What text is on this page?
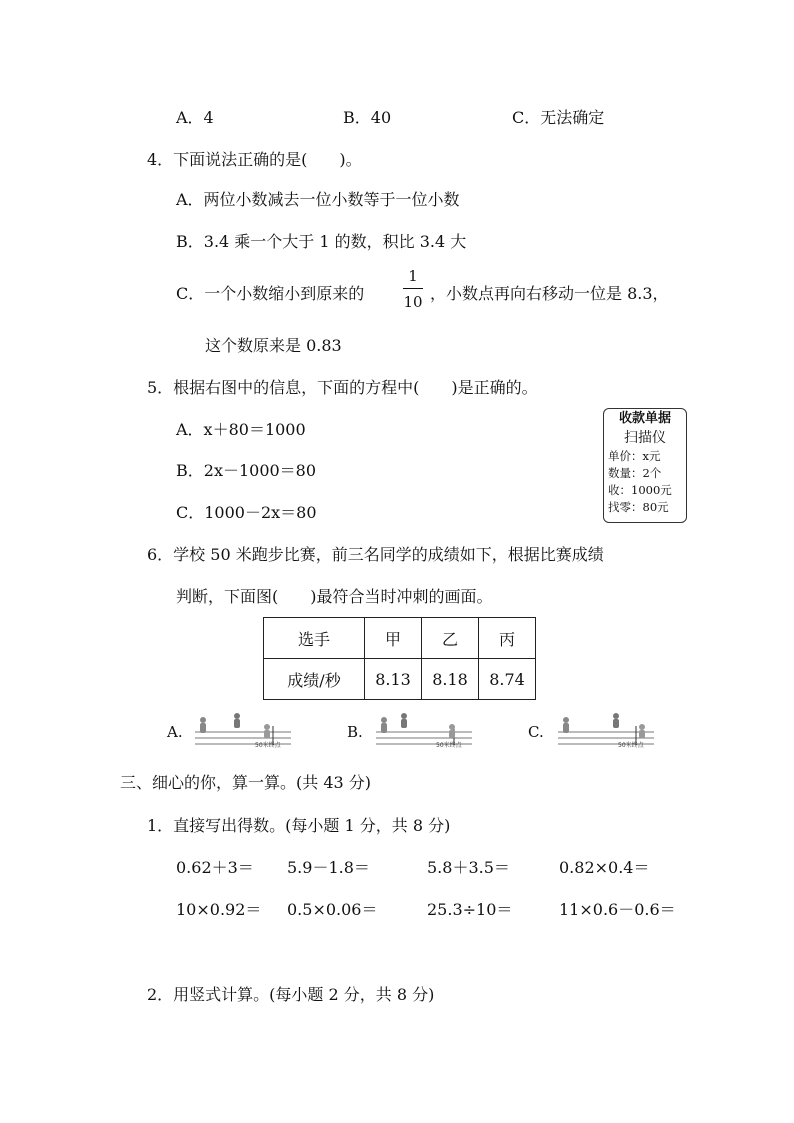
A．4	B．40	C．无法确定
4．下面说法正确的是(　　)。
A．两位小数减去一位小数等于一位小数
B．3.4 乘一个大于 1 的数，积比 3.4 大
C．一个小数缩小到原来的
1
10 ，小数点再向右移动一位是 8.3，
这个数原来是 0.83
5．根据右图中的信息，下面的方程中(　　)是正确的。
A．x＋80＝1000
B．2x－1000＝80
C．1000－2x＝80
收款单据
扫描仪
单价：x元
数量：2个
收：1000元
找零：80元
6．学校 50 米跑步比赛，前三名同学的成绩如下，根据比赛成绩
判断，下面图(　　)最符合当时冲刺的画面。
选手	甲	乙	丙
成绩/秒	8.13	8.18	8.74
A.
50米终点
B.
50米终点
C.
50米终点
三、细心的你，算一算。(共 43 分)
1．直接写出得数。(每小题 1 分，共 8 分)
0.62＋3＝ 5.9－1.8＝	5.8＋3.5＝	0.82×0.4＝
10×0.92＝ 0.5×0.06＝	25.3÷10＝	11×0.6－0.6＝
2．用竖式计算。(每小题 2 分，共 8 分)
